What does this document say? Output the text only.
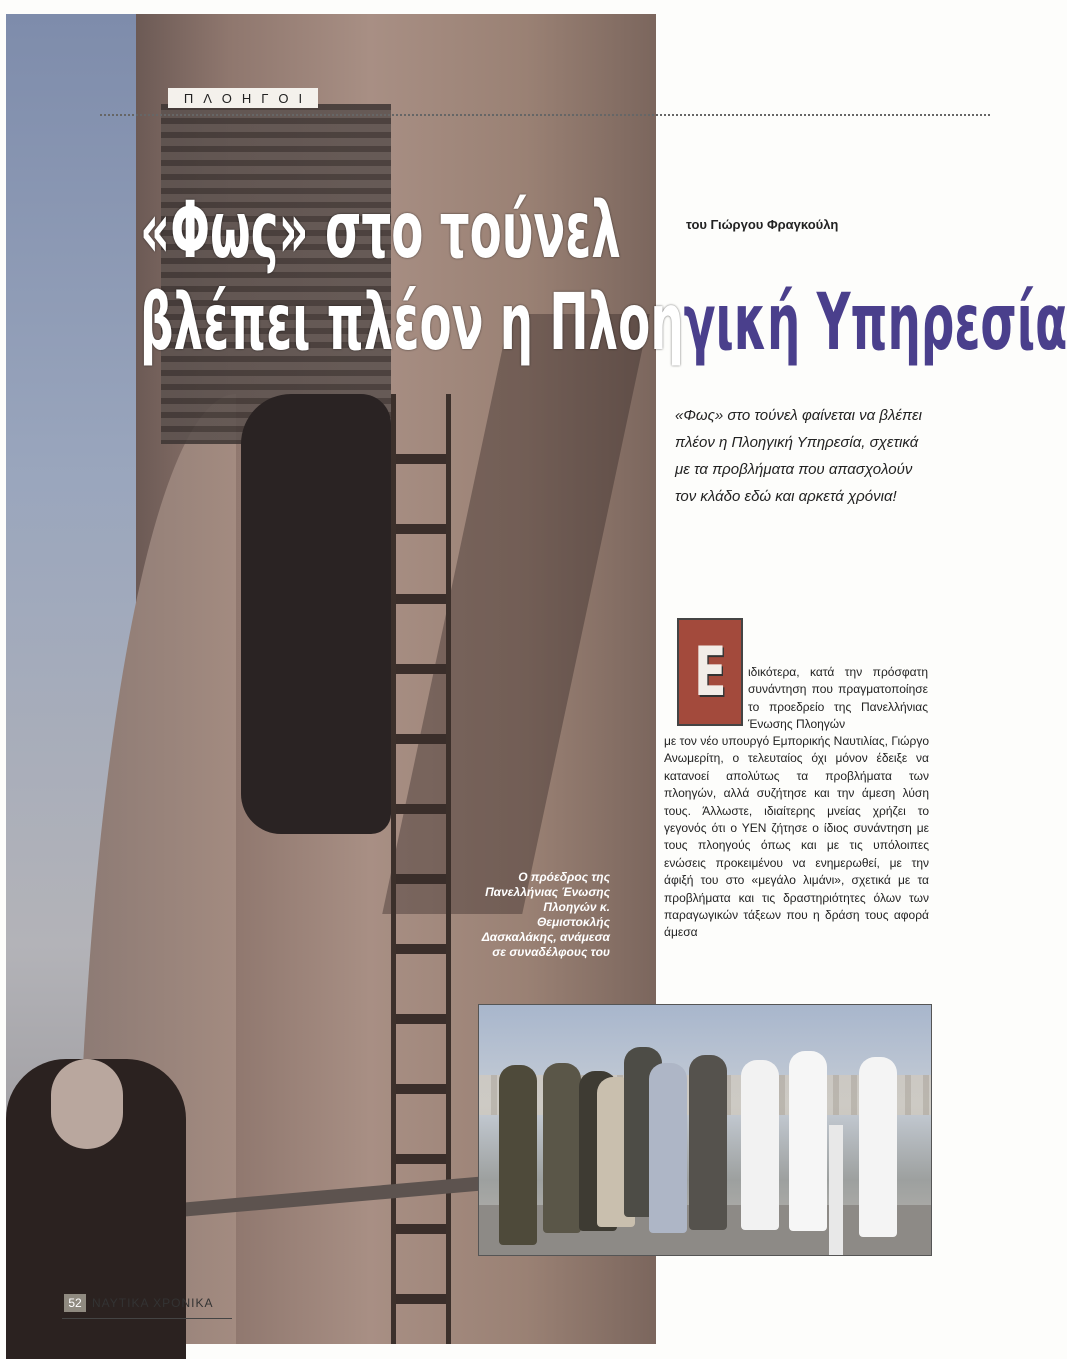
ΠΛΟΗΓΟΙ
«Φως» στο τούνελ
βλέπει πλέον η Πλοηγική Υπηρεσία
του Γιώργου Φραγκούλη
«Φως» στο τούνελ φαίνεται να βλέπει πλέον η Πλοηγική Υπηρεσία, σχετικά με τα προβλήματα που απασχολούν τον κλάδο εδώ και αρκετά χρόνια!
Ε ιδικότερα, κατά την πρόσφατη συνάντηση που πραγματοποίησε το προεδρείο της Πανελλήνιας Ένωσης Πλοηγών
με τον νέο υπουργό Εμπορικής Ναυτιλίας, Γιώργο Ανωμερίτη, ο τελευταίος όχι μόνον έδειξε να κατανοεί απολύτως τα προβλήματα των πλοηγών, αλλά συζήτησε και την άμεση λύση τους. Άλλωστε, ιδιαίτερης μνείας χρήζει το γεγονός ότι ο ΥΕΝ ζήτησε ο ίδιος συνάντηση με τους πλοηγούς όπως και με τις υπόλοιπες ενώσεις προκειμένου να ενημερωθεί, με την άφιξή του στο «μεγάλο λιμάνι», σχετικά με τα προβλήματα και τις δραστηριότητες όλων των παραγωγικών τάξεων που η δράση τους αφορά άμεσα
Ο πρόεδρος της Πανελλήνιας Ένωσης Πλοηγών κ. Θεμιστοκλής Δασκαλάκης, ανάμεσα σε συναδέλφους του
52 ΝΑΥΤΙΚΑ ΧΡΟΝΙΚΑ
